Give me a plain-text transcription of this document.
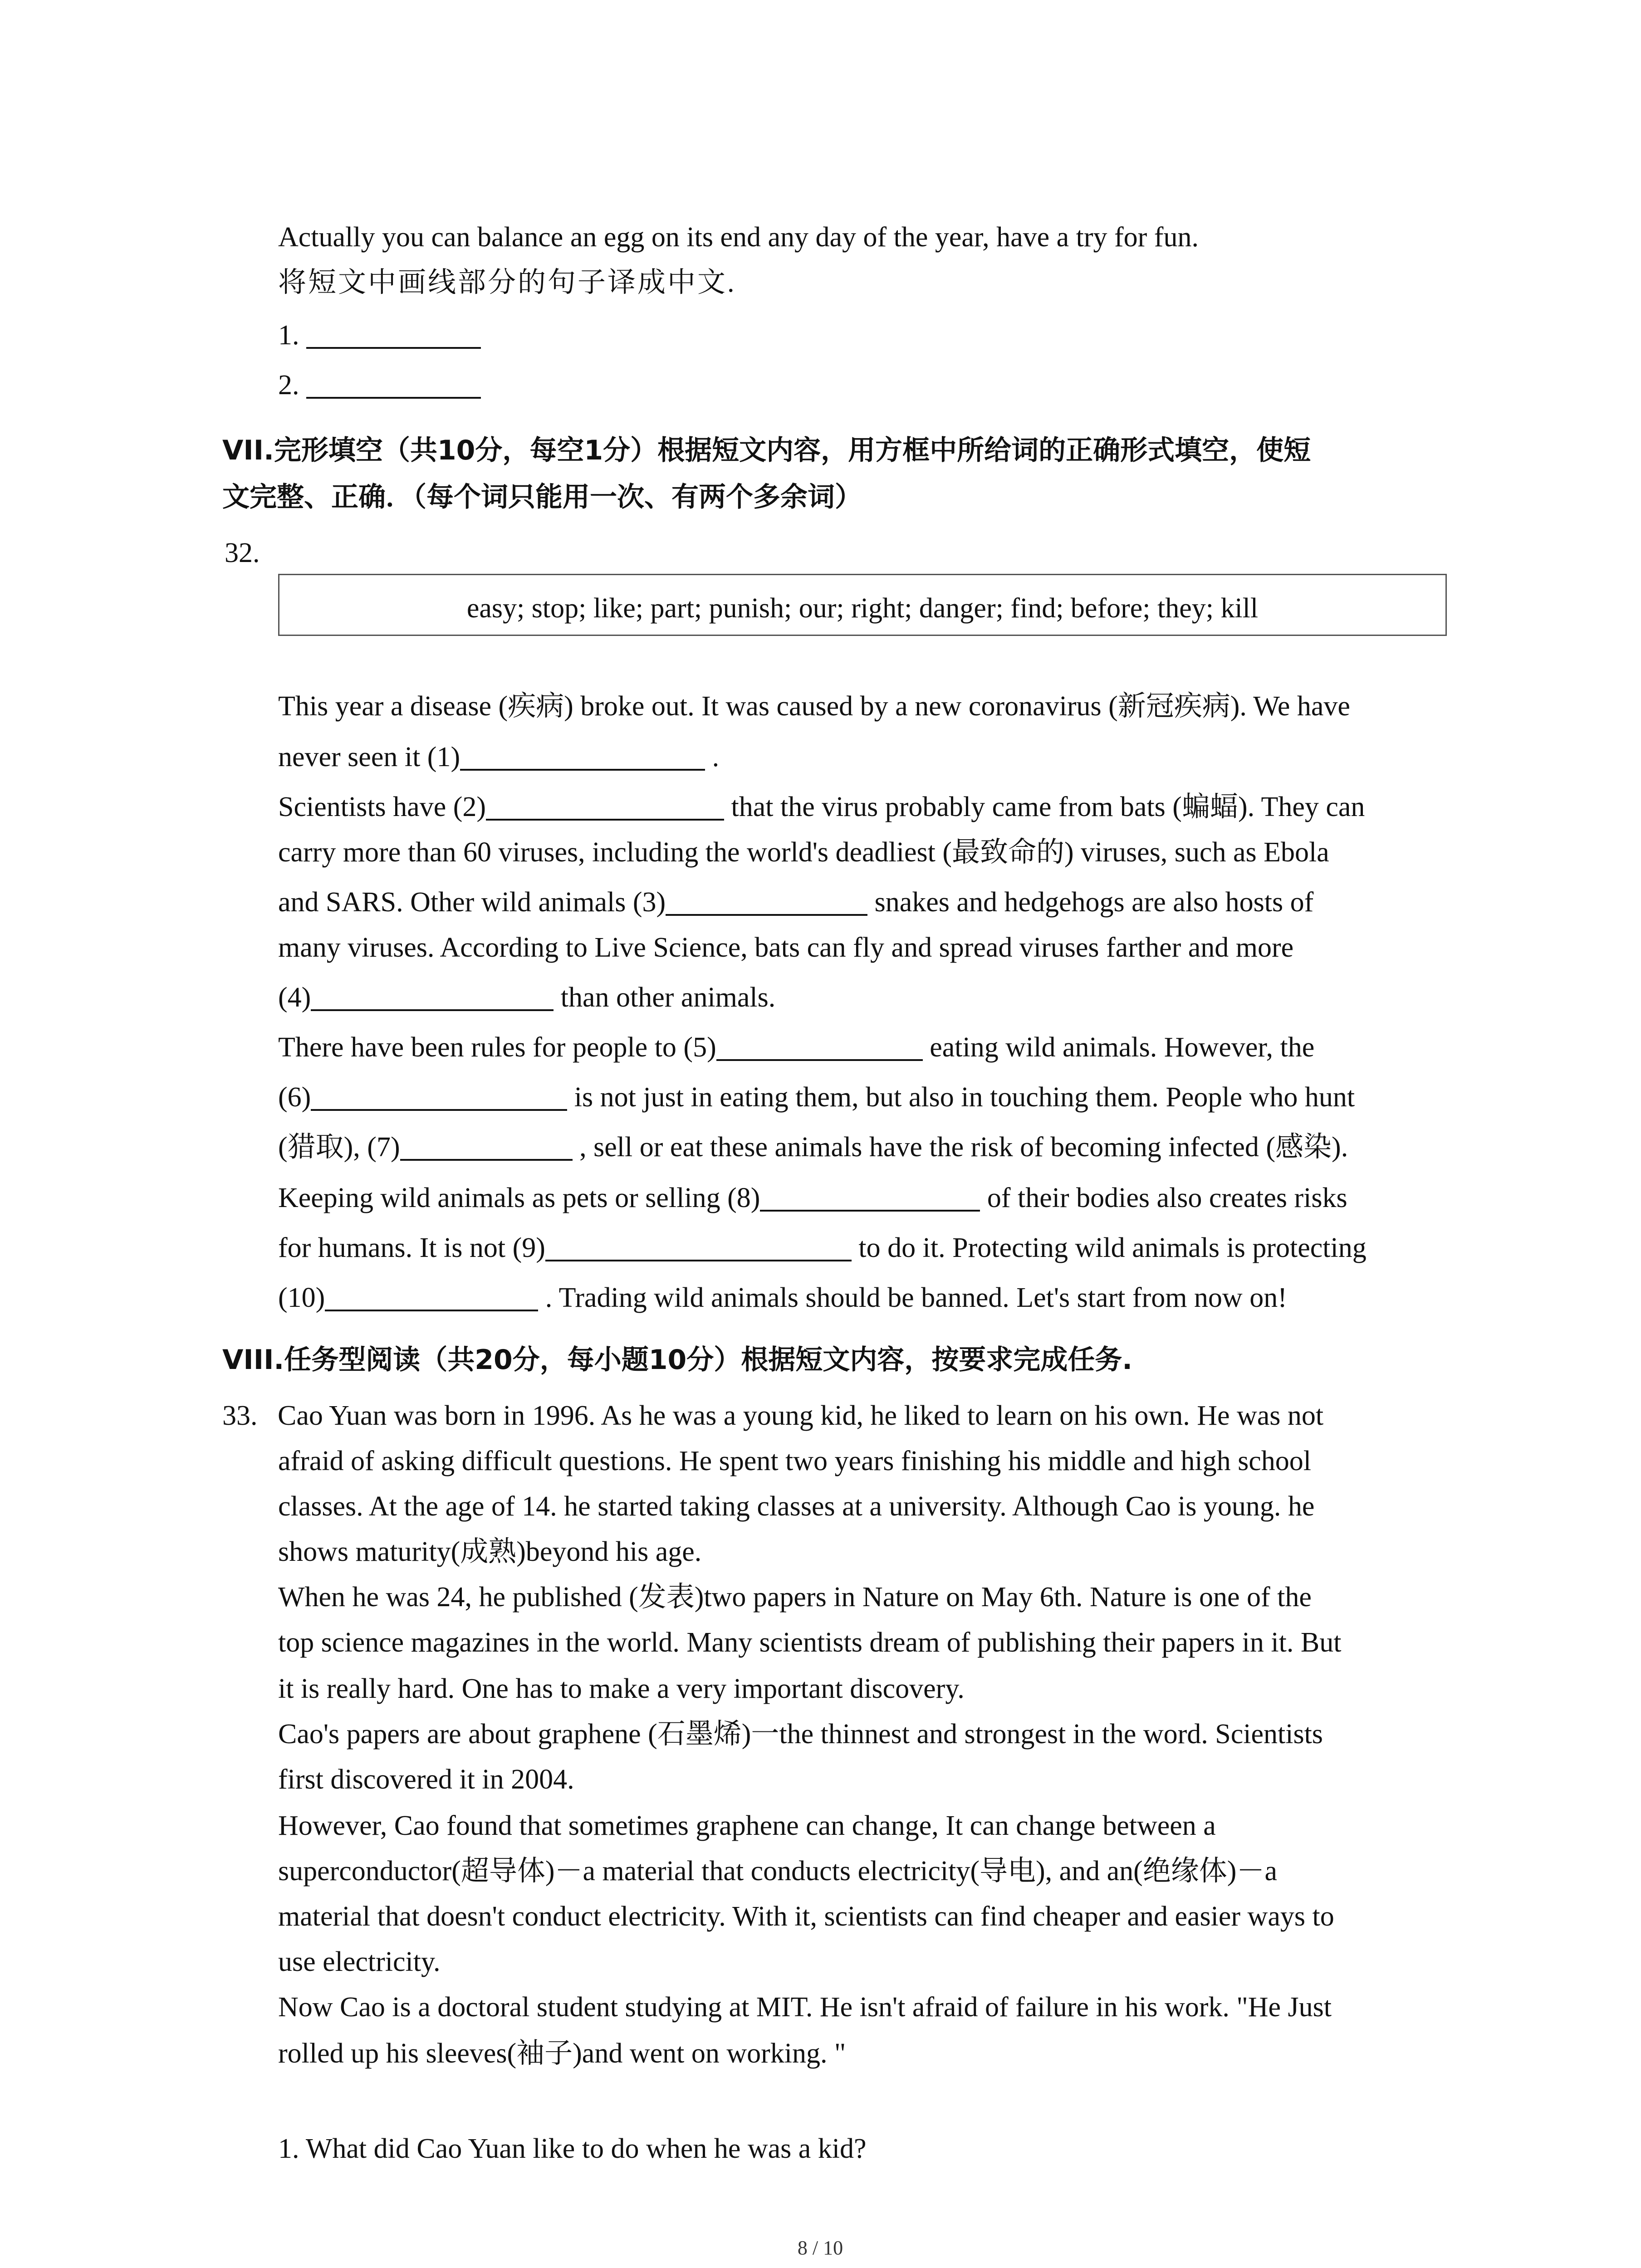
Actually you can balance an egg on its end any day of the year, have a try for fun.
将短文中画线部分的句子译成中文.
1.
2.
VII.完形填空（共10分，每空1分）根据短文内容，用方框中所给词的正确形式填空，使短
文完整、正确．（每个词只能用一次、有两个多余词）
32.
easy; stop; like; part; punish; our; right; danger; find; before; they; kill
This year a disease (疾病) broke out. It was caused by a new coronavirus (新冠疾病). We have
never seen it (1)	.
Scientists have (2)	that the virus probably came from bats (蝙蝠). They can
carry more than 60 viruses, including the world's deadliest (最致命的) viruses, such as Ebola
and SARS. Other wild animals (3)	snakes and hedgehogs are also hosts of
many viruses. According to Live Science, bats can fly and spread viruses farther and more
(4)	than other animals.
There have been rules for people to (5)	eating wild animals. However, the
(6)	is not just in eating them, but also in touching them. People who hunt
(猎取), (7)	, sell or eat these animals have the risk of becoming infected (感染).
Keeping wild animals as pets or selling (8)	of their bodies also creates risks
for humans. It is not (9)	to do it. Protecting wild animals is protecting
(10)	. Trading wild animals should be banned. Let's start from now on!
VIII.任务型阅读（共20分，每小题10分）根据短文内容，按要求完成任务.
33. Cao Yuan was born in 1996. As he was a young kid, he liked to learn on his own. He was not
afraid of asking difficult questions. He spent two years finishing his middle and high school
classes. At the age of 14. he started taking classes at a university. Although Cao is young. he
shows maturity(成熟)beyond his age.
When he was 24, he published (发表)two papers in Nature on May 6th. Nature is one of the
top science magazines in the world. Many scientists dream of publishing their papers in it. But
it is really hard. One has to make a very important discovery.
Cao's papers are about graphene (石墨烯)一the thinnest and strongest in the word. Scientists
first discovered it in 2004.
However, Cao found that sometimes graphene can change, It can change between a
superconductor(超导体)－a material that conducts electricity(导电), and an(绝缘体)－a
material that doesn't conduct electricity. With it, scientists can find cheaper and easier ways to
use electricity.
Now Cao is a doctoral student studying at MIT. He isn't afraid of failure in his work. "He Just
rolled up his sleeves(袖子)and went on working. "
1. What did Cao Yuan like to do when he was a kid?
8 / 10
